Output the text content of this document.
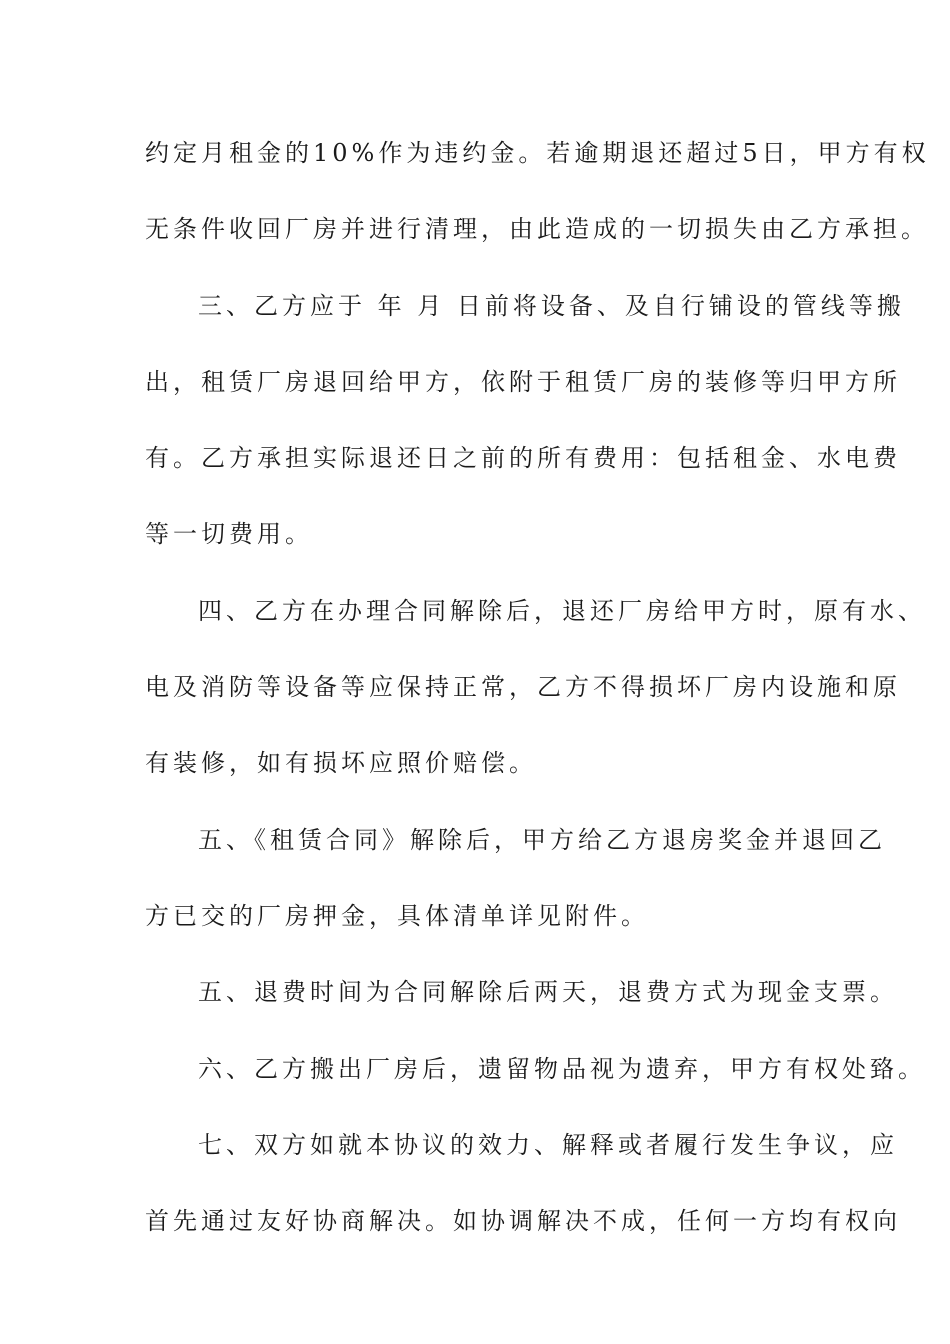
约定月租金的10%作为违约金。若逾期退还超过5日，甲方有权
无条件收回厂房并进行清理，由此造成的一切损失由乙方承担。
三、乙方应于 年 月 日前将设备、及自行铺设的管线等搬
出，租赁厂房退回给甲方，依附于租赁厂房的装修等归甲方所
有。乙方承担实际退还日之前的所有费用：包括租金、水电费
等一切费用。
四、乙方在办理合同解除后，退还厂房给甲方时，原有水、
电及消防等设备等应保持正常，乙方不得损坏厂房内设施和原
有装修，如有损坏应照价赔偿。
五、《租赁合同》解除后，甲方给乙方退房奖金并退回乙
方已交的厂房押金，具体清单详见附件。
五、退费时间为合同解除后两天，退费方式为现金支票。
六、乙方搬出厂房后，遗留物品视为遗弃，甲方有权处臵。
七、双方如就本协议的效力、解释或者履行发生争议，应
首先通过友好协商解决。如协调解决不成，任何一方均有权向
